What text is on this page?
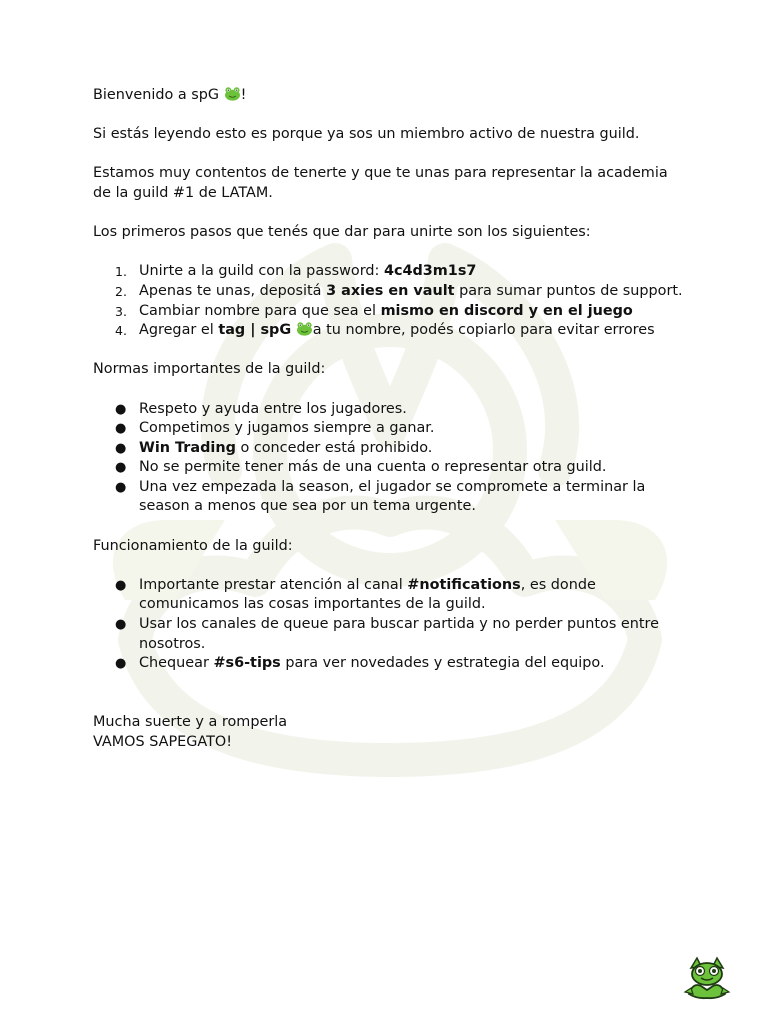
Bienvenido a spG !

Si estás leyendo esto es porque ya sos un miembro activo de nuestra guild.

Estamos muy contentos de tenerte y que te unas para representar la academia de la guild #1 de LATAM.

Los primeros pasos que tenés que dar para unirte son los siguientes:

1. Unirte a la guild con la password: 4c4d3m1s7
2. Apenas te unas, depositá 3 axies en vault para sumar puntos de support.
3. Cambiar nombre para que sea el mismo en discord y en el juego
4. Agregar el tag | spG a tu nombre, podés copiarlo para evitar errores

Normas importantes de la guild:

● Respeto y ayuda entre los jugadores.
● Competimos y jugamos siempre a ganar.
● Win Trading o conceder está prohibido.
● No se permite tener más de una cuenta o representar otra guild.
● Una vez empezada la season, el jugador se compromete a terminar la season a menos que sea por un tema urgente.

Funcionamiento de la guild:

● Importante prestar atención al canal #notifications, es donde comunicamos las cosas importantes de la guild.
● Usar los canales de queue para buscar partida y no perder puntos entre nosotros.
● Chequear #s6-tips para ver novedades y estrategia del equipo.

Mucha suerte y a romperla

VAMOS SAPEGATO!
